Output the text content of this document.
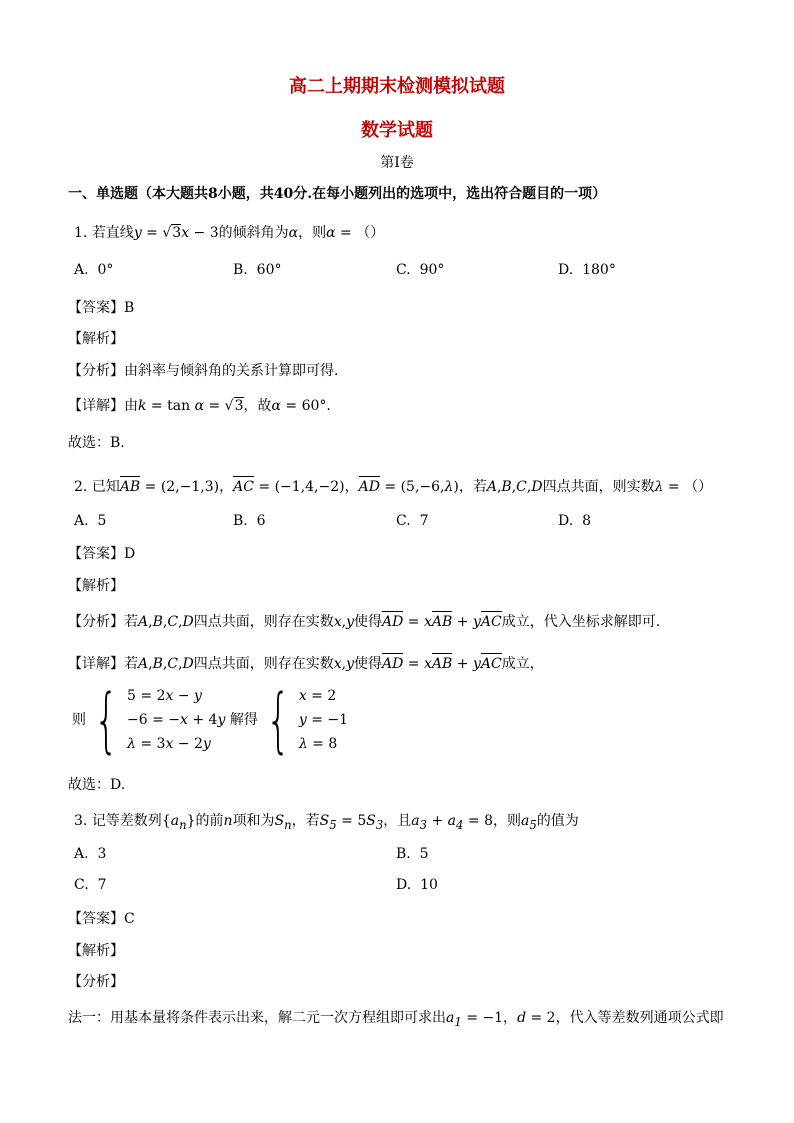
高二上期期末检测模拟试题
数学试题
第Ⅰ卷
一、单选题（本大题共8小题，共40分.在每小题列出的选项中，选出符合题目的一项）
1. 若直线y = √3x − 3的倾斜角为α，则α = （）
A. 0°	B. 60°	C. 90°	D. 180°
【答案】B
【解析】
【分析】由斜率与倾斜角的关系计算即可得.
【详解】由k = tan α = √3，故α = 60°.
故选：B.
2. 已知AB = (2,−1,3)，AC = (−1,4,−2)，AD = (5,−6,λ)，若A,B,C,D四点共面，则实数λ = （）
A. 5	B. 6	C. 7	D. 8
【答案】D
【解析】
【分析】若A,B,C,D四点共面，则存在实数x,y使得AD = xAB + yAC成立，代入坐标求解即可.
【详解】若A,B,C,D四点共面，则存在实数x,y使得AD = xAB + yAC成立，
则 { 5 = 2x − y
−6 = −x + 4y
λ = 3x − 2y
解得 { x = 2
y = −1
λ = 8
故选：D.
3. 记等差数列$\{a_n\}$的前n项和为$S_n$，若$S_5 = 5S_3$，且$a_3 + a_4 = 8$，则$a_5$的值为
A. 3	B. 5
C. 7	D. 10
【答案】C
【解析】
【分析】
法一：用基本量将条件表示出来，解二元一次方程组即可求出$a_1 = -1$，d = 2，代入等差数列通项公式即
